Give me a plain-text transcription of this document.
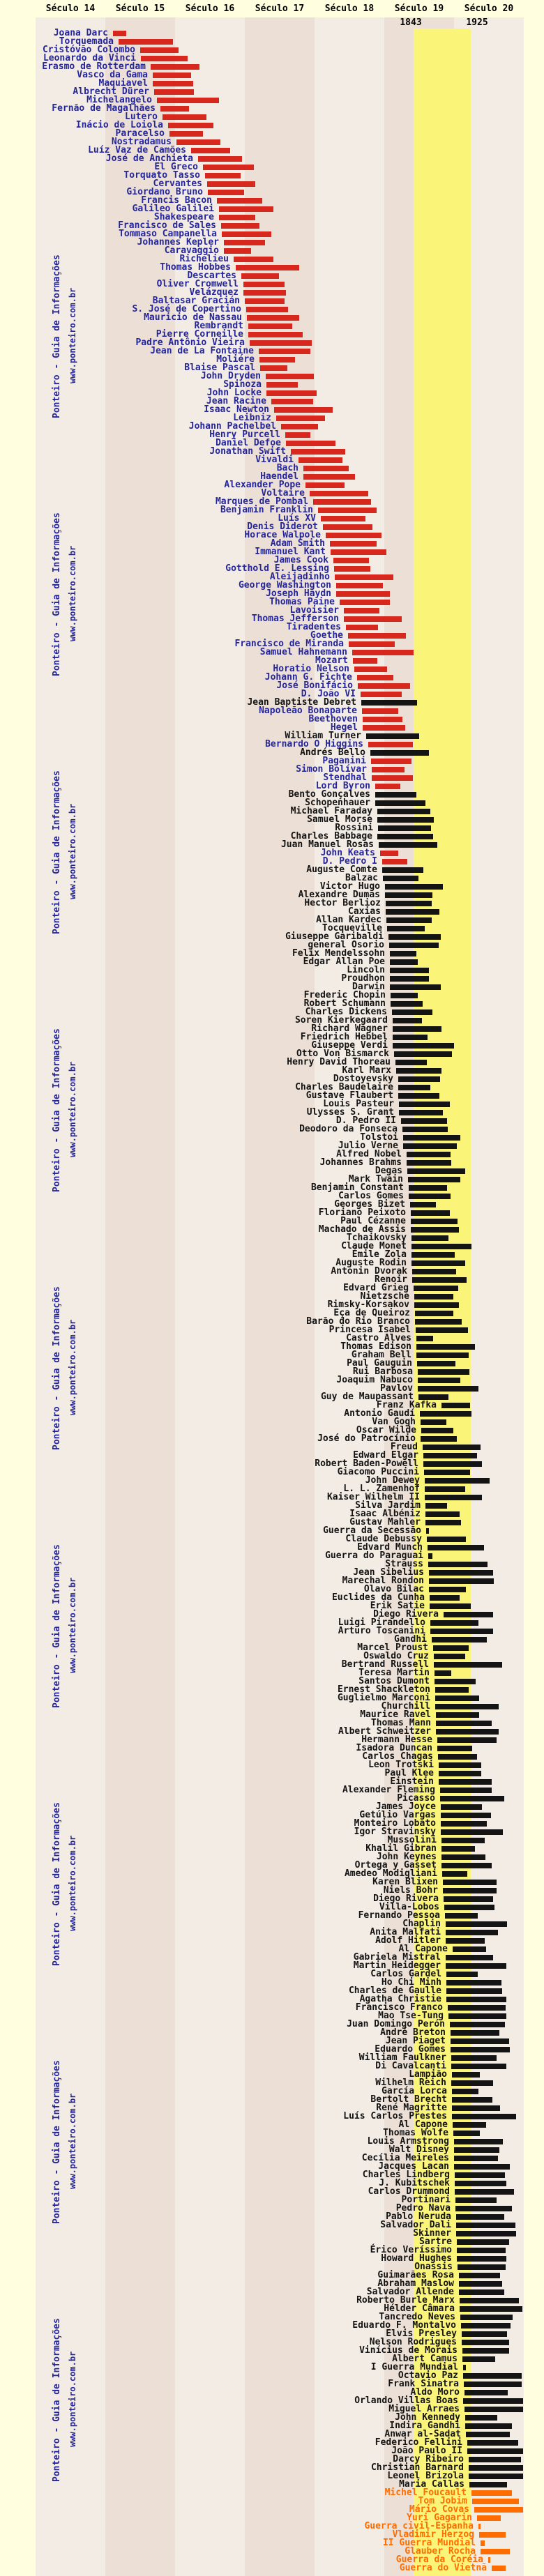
Século 14	Século 15	Século 16	Século 17	Século 18	Século 19	Século 20
1843	1925
Joana Darc
Torquemada
Cristóvão Colombo
Leonardo da Vinci
Erasmo de Rotterdam
Vasco da Gama
Maquiavel
Albrecht Dürer
Michelangelo
Fernão de Magalhães
Lutero
Inácio de Loiola
Paracelso
Nostradamus
Luíz Vaz de Camões
José de Anchieta
El Greco
Torquato Tasso
Cervantes
Giordano Bruno
Francis Bacon
Galileo Galilei
Shakespeare
Francisco de Sales
Tommaso Campanella
Johannes Kepler
Caravaggio
Richelieu
Thomas Hobbes
Descartes
Oliver Cromwell
Velázquez
Baltasar Gracián
S. José de Copertino
Mauricio de Nassau
Rembrandt
Pierre Corneille
Padre Antônio Vieira
Jean de La Fontaine
Moliére
Blaise Pascal
John Dryden
Spinoza
John Locke
Jean Racine
Isaac Newton
Leibniz
Johann Pachelbel
Henry Purcell
Daniel Defoe
Jonathan Swift
Vivaldi
Bach
Haendel
Alexander Pope
Voltaire
Marques de Pombal
Benjamin Franklin
Luís XV
Denis Diderot
Horace Walpole
Adam Smith
Immanuel Kant
James Cook
Gotthold E. Lessing
Aleijadinho
George Washington
Joseph Haydn
Thomas Paine
Lavoisier
Thomas Jefferson
Tiradentes
Goethe
Francisco de Miranda
Samuel Hahnemann
Mozart
Horatio Nelson
Johann G. Fichte
José Bonifácio
D. João VI
Jean Baptiste Debret
Napoleão Bonaparte
Beethoven
Hegel
William Turner
Bernardo O Higgins
Andrés Bello
Paganini
Simon Bolívar
Stendhal
Lord Byron
Bento Gonçalves
Schopenhauer
Michael Faraday
Samuel Morse
Rossini
Charles Babbage
Juan Manuel Rosas
John Keats
D. Pedro I
Auguste Comte
Balzac
Victor Hugo
Alexandre Dumas
Hector Berlioz
Caxias
Allan Kardec
Tocqueville
Giuseppe Garibaldi
general Osorio
Felix Mendelssohn
Edgar Allan Poe
Lincoln
Proudhon
Darwin
Frederic Chopin
Robert Schumann
Charles Dickens
Soren Kierkegaard
Richard Wagner
Friedrich Hebbel
Giuseppe Verdi
Otto Von Bismarck
Henry David Thoreau
Karl Marx
Dostoyevsky
Charles Baudelaire
Gustave Flaubert
Louis Pasteur
Ulysses S. Grant
D. Pedro II
Deodoro da Fonseca
Tolstoi
Julio Verne
Alfred Nobel
Johannes Brahms
Degas
Mark Twain
Benjamin Constant
Carlos Gomes
Georges Bizet
Floriano Peixoto
Paul Cézanne
Machado de Assis
Tchaikovsky
Claude Monet
Émile Zola
Auguste Rodin
Antonin Dvorak
Renoir
Edvard Grieg
Nietzsche
Rimsky-Korsakov
Eça de Queiroz
Barão do Rio Branco
Princesa Isabel
Castro Alves
Thomas Edison
Graham Bell
Paul Gauguin
Rui Barbosa
Joaquim Nabuco
Pavlov
Guy de Maupassant
Franz Kafka
Antonio Gaudí
Van Gogh
Oscar Wilde
José do Patrocínio
Freud
Edward Elgar
Robert Baden-Powell
Giacomo Puccini
John Dewey
L. L. Zamenhof
Kaiser Wilhelm II
Silva Jardim
Isaac Albéniz
Gustav Mahler
Guerra da Secessão
Claude Debussy
Edvard Munch
Guerra do Paraguai
Strauss
Jean Sibelius
Marechal Rondon
Olavo Bilac
Euclides da Cunha
Erik Satie
Diego Rivera
Luigi Pirandello
Arturo Toscanini
Gandhi
Marcel Proust
Oswaldo Cruz
Bertrand Russell
Teresa Martin
Santos Dumont
Ernest Shackleton
Guglielmo Marconi
Churchill
Maurice Ravel
Thomas Mann
Albert Schweitzer
Hermann Hesse
Isadora Duncan
Carlos Chagas
Leon Trotski
Paul Klee
Einstein
Alexander Fleming
Picasso
James Joyce
Getúlio Vargas
Monteiro Lobato
Igor Stravinsky
Mussolini
Khalil Gibran
John Keynes
Ortega y Gasset
Amedeo Modigliani
Karen Blixen
Niels Bohr
Diego Rivera
Villa-Lobos
Fernando Pessoa
Chaplin
Anita Malfati
Adolf Hitler
Al Capone
Gabriela Mistral
Martin Heidegger
Carlos Gardel
Ho Chi Minh
Charles de Gaulle
Agatha Christie
Francisco Franco
Mao Tse-Tung
Juan Domingo Perón
André Breton
Jean Piaget
Eduardo Gomes
William Faulkner
Di Cavalcanti
Lampião
Wilhelm Reich
García Lorca
Bertolt Brecht
René Magritte
Luís Carlos Prestes
Al Capone
Thomas Wolfe
Louis Armstrong
Walt Disney
Cecília Meireles
Jacques Lacan
Charles Lindberg
J. Kubitschek
Carlos Drummond
Portinari
Pedro Nava
Pablo Neruda
Salvador Dali
Skinner
Sartre
Érico Veríssimo
Howard Hughes
Onassis
Guimarães Rosa
Abraham Maslow
Salvador Allende
Roberto Burle Marx
Hélder Câmara
Tancredo Neves
Eduardo F. Montalvo
Elvis Presley
Nelson Rodrigues
Vinícius de Morais
Albert Camus
I Guerra Mundial
Octavio Paz
Frank Sinatra
Aldo Moro
Orlando Villas Boas
Miguel Arraes
John Kennedy
Indira Gandhi
Anwar al-Sadat
Federico Fellini
João Paulo II
Darcy Ribeiro
Christian Barnard
Leonel Brizola
Maria Callas
Michel Foucault
Tom Jobim
Mário Covas
Yuri Gagarin
Guerra civil-Espanha
Vladimir Herzog
II Guerra Mundial
Glauber Rocha
Guerra da Coréia
Guerra do Vietnã
Ponteiro - Guia de Informações www.ponteiro.com.br
Ponteiro - Guia de Informações www.ponteiro.com.br
Ponteiro - Guia de Informações www.ponteiro.com.br
Ponteiro - Guia de Informações www.ponteiro.com.br
Ponteiro - Guia de Informações www.ponteiro.com.br
Ponteiro - Guia de Informações www.ponteiro.com.br
Ponteiro - Guia de Informações www.ponteiro.com.br
Ponteiro - Guia de Informações www.ponteiro.com.br
Ponteiro - Guia de Informações www.ponteiro.com.br
